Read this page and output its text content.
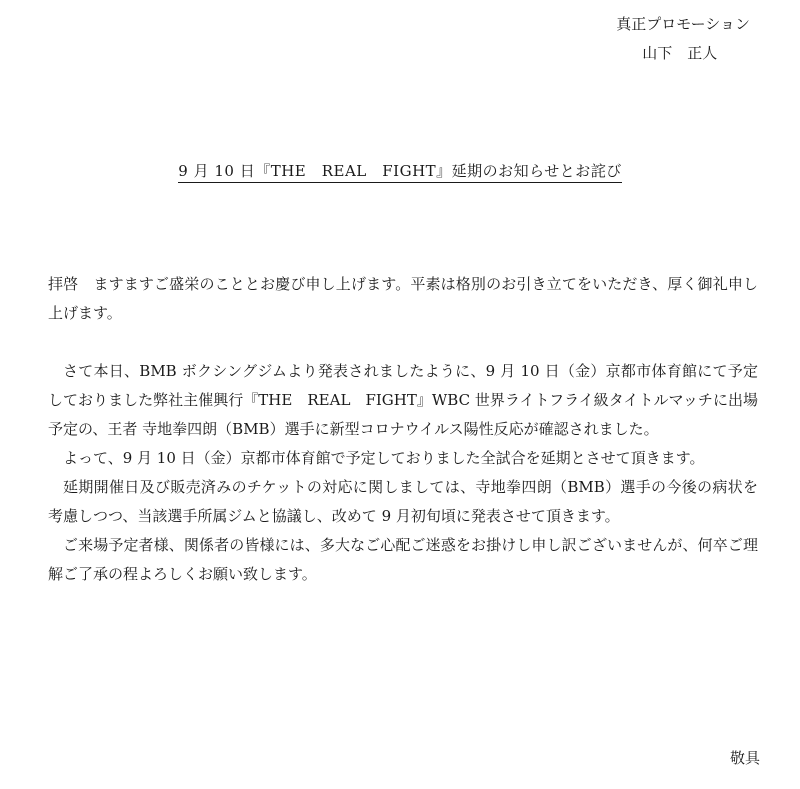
真正プロモーション
山下　正人
9 月 10 日『THE　REAL　FIGHT』延期のお知らせとお詫び

拝啓　ますますご盛栄のこととお慶び申し上げます。平素は格別のお引き立てをいただき、厚く御礼申し上げます。

さて本日、BMB ボクシングジムより発表されましたように、9 月 10 日（金）京都市体育館にて予定しておりました弊社主催興行『THE　REAL　FIGHT』WBC 世界ライトフライ級タイトルマッチに出場予定の、王者 寺地拳四朗（BMB）選手に新型コロナウイルス陽性反応が確認されました。

よって、9 月 10 日（金）京都市体育館で予定しておりました全試合を延期とさせて頂きます。

延期開催日及び販売済みのチケットの対応に関しましては、寺地拳四朗（BMB）選手の今後の病状を考慮しつつ、当該選手所属ジムと協議し、改めて 9 月初旬頃に発表させて頂きます。

ご来場予定者様、関係者の皆様には、多大なご心配ご迷惑をお掛けし申し訳ございませんが、何卒ご理解ご了承の程よろしくお願い致します。

敬具
